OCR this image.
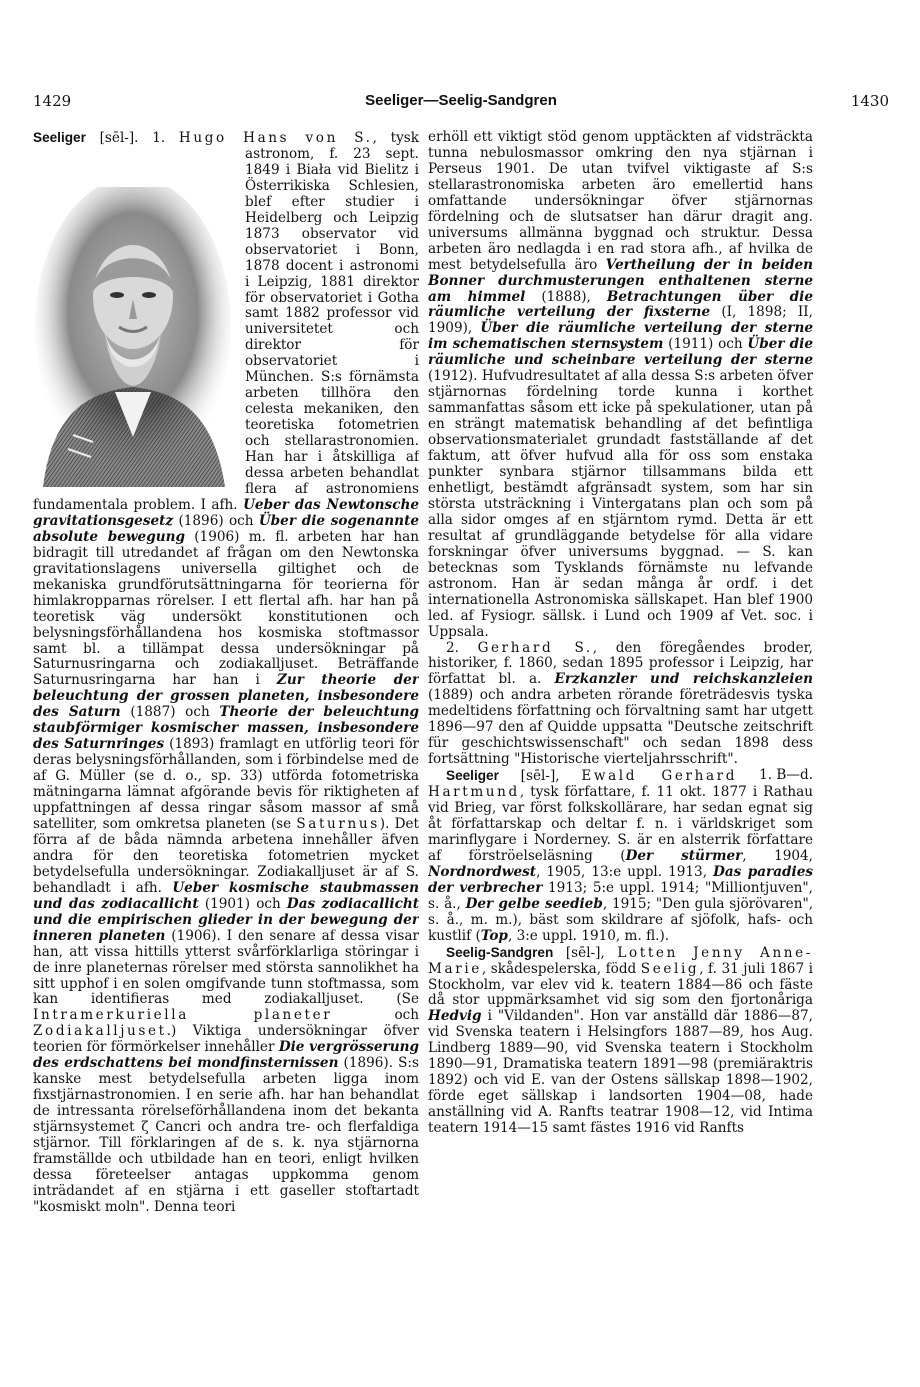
1429	Seeliger—Seelig-Sandgren	1430

Seeliger [sēl-]. 1. Hugo Hans von S.
, tysk astronom, f. 23 sept. 1849 i Biała vid Bielitz i Österrikiska Schlesien, blef efter studier i Heidelberg och Leipzig 1873 observator vid observatoriet i Bonn, 1878 docent i astronomi i Leipzig, 1881 direktor för observatoriet i Gotha samt 1882 professor vid universitetet och direktor för observatoriet i München. S:s förnämsta arbeten tillhöra den celesta mekaniken, den teoretiska fotometrien och stellarastronomien. Han har i åtskilliga af dessa arbeten behandlat flera af astronomiens fundamentala problem. I afh. Ueber das Newtonsche gravitationsgesetz (1896) och Über die sogenannte absolute bewegung (1906) m. fl. arbeten har han bidragit till utredandet af frågan om den Newtonska gravitationslagens universella giltighet och de mekaniska grundförutsättningarna för teorierna för himlakropparnas rörelser. I ett flertal afh. har han på teoretisk väg undersökt konstitutionen och belysningsförhållandena hos kosmiska stoftmassor samt bl. a tillämpat dessa undersökningar på Saturnusringarna och zodiakalljuset. Beträffande Saturnusringarna har han i Zur theorie der beleuchtung der grossen planeten, insbesondere des Saturn (1887) och Theorie der beleuchtung staubförmiger kosmischer massen, insbesondere des Saturnringes (1893) framlagt en utförlig teori för deras belysningsförhållanden, som i förbindelse med de af G. Müller (se d. o., sp. 33) utförda fotometriska mätningarna lämnat afgörande bevis för riktigheten af uppfattningen af dessa ringar såsom massor af små satelliter, som omkretsa planeten (se Saturnus). Det förra af de båda nämnda arbetena innehåller äfven andra för den teoretiska fotometrien mycket betydelsefulla undersökningar. Zodiakalljuset är af S. behandladt i afh. Ueber kosmische staubmassen und das zodiacallicht (1901) och Das zodiacallicht und die empirischen glieder in der bewegung der inneren planeten (1906). I den senare af dessa visar han, att vissa hittills ytterst svårförklarliga störingar i de inre planeternas rörelser med största sannolikhet ha sitt upphof i en solen omgifvande tunn stoftmassa, som kan identifieras med zodiakalljuset. (Se Intramerkuriella planeter och Zodiakalljuset.) Viktiga undersökningar öfver teorien för förmörkelser innehåller Die vergrösserung des erdschattens bei mondfinsternissen (1896). S:s kanske mest betydelsefulla arbeten ligga inom fixstjärnastronomien. I en serie afh. har han behandlat de intressanta rörelseförhållandena inom det bekanta stjärnsystemet ζ Cancri och andra tre- och flerfaldiga stjärnor. Till förklaringen af de s. k. nya stjärnorna framställde och utbildade han en teori, enligt hvilken dessa företeelser antagas uppkomma genom inträdandet af en stjärna i ett gaseller stoftartadt "kosmiskt moln". Denna teori

erhöll ett viktigt stöd genom upptäckten af vidsträckta tunna nebulosmassor omkring den nya stjärnan i Perseus 1901. De utan tvifvel viktigaste af S:s stellarastronomiska arbeten äro emellertid hans omfattande undersökningar öfver stjärnornas fördelning och de slutsatser han därur dragit ang. universums allmänna byggnad och struktur. Dessa arbeten äro nedlagda i en rad stora afh., af hvilka de mest betydelsefulla äro Vertheilung der in beiden Bonner durchmusterungen enthaltenen sterne am himmel (1888), Betrachtungen über die räumliche verteilung der fixsterne (I, 1898; II, 1909), Über die räumliche verteilung der sterne im schematischen sternsystem (1911) och Über die räumliche und scheinbare verteilung der sterne (1912). Hufvudresultatet af alla dessa S:s arbeten öfver stjärnornas fördelning torde kunna i korthet sammanfattas såsom ett icke på spekulationer, utan på en strängt matematisk behandling af det befintliga observationsmaterialet grundadt fastställande af det faktum, att öfver hufvud alla för oss som enstaka punkter synbara stjärnor tillsammans bilda ett enhetligt, bestämdt afgränsadt system, som har sin största utsträckning i Vintergatans plan och som på alla sidor omges af en stjärntom rymd. Detta är ett resultat af grundläggande betydelse för alla vidare forskningar öfver universums byggnad. — S. kan betecknas som Tysklands förnämste nu lefvande astronom. Han är sedan många år ordf. i det internationella Astronomiska sällskapet. Han blef 1900 led. af Fysiogr. sällsk. i Lund och 1909 af Vet. soc. i Uppsala.

2. Gerhard S., den föregåendes broder, historiker, f. 1860, sedan 1895 professor i Leipzig, har författat bl. a. Erzkanzler und reichskanzleien (1889) och andra arbeten rörande företrädesvis tyska medeltidens författning och förvaltning samt har utgett 1896—97 den af Quidde uppsatta "Deutsche zeitschrift für geschichtswissenschaft" och sedan 1898 dess fortsättning "Historische vierteljahrsschrift".
1. B—d.

Seeliger [sēl-], Ewald Gerhard Hartmund, tysk författare, f. 11 okt. 1877 i Rathau vid Brieg, var först folkskollärare, har sedan egnat sig åt författarskap och deltar f. n. i världskriget som marinflygare i Norderney. S. är en alsterrik författare af förströelseläsning (Der stürmer, 1904, Nordnordwest, 1905, 13:e uppl. 1913, Das paradies der verbrecher 1913; 5:e uppl. 1914; "Milliontjuven", s. å., Der gelbe seedieb, 1915; "Den gula sjörövaren", s. å., m. m.), bäst som skildrare af sjöfolk, hafs- och kustlif (Top, 3:e uppl. 1910, m. fl.).

Seelig-Sandgren [sēl-], Lotten Jenny Anne-Marie, skådespelerska, född Seelig, f. 31 juli 1867 i Stockholm, var elev vid k. teatern 1884—86 och fäste då stor uppmärksamhet vid sig som den fjortonåriga Hedvig i "Vildanden". Hon var anställd där 1886—87, vid Svenska teatern i Helsingfors 1887—89, hos Aug. Lindberg 1889—90, vid Svenska teatern i Stockholm 1890—91, Dramatiska teatern 1891—98 (premiäraktris 1892) och vid E. van der Ostens sällskap 1898—1902, förde eget sällskap i landsorten 1904—08, hade anställning vid A. Ranfts teatrar 1908—12, vid Intima teatern 1914—15 samt fästes 1916 vid Ranfts
